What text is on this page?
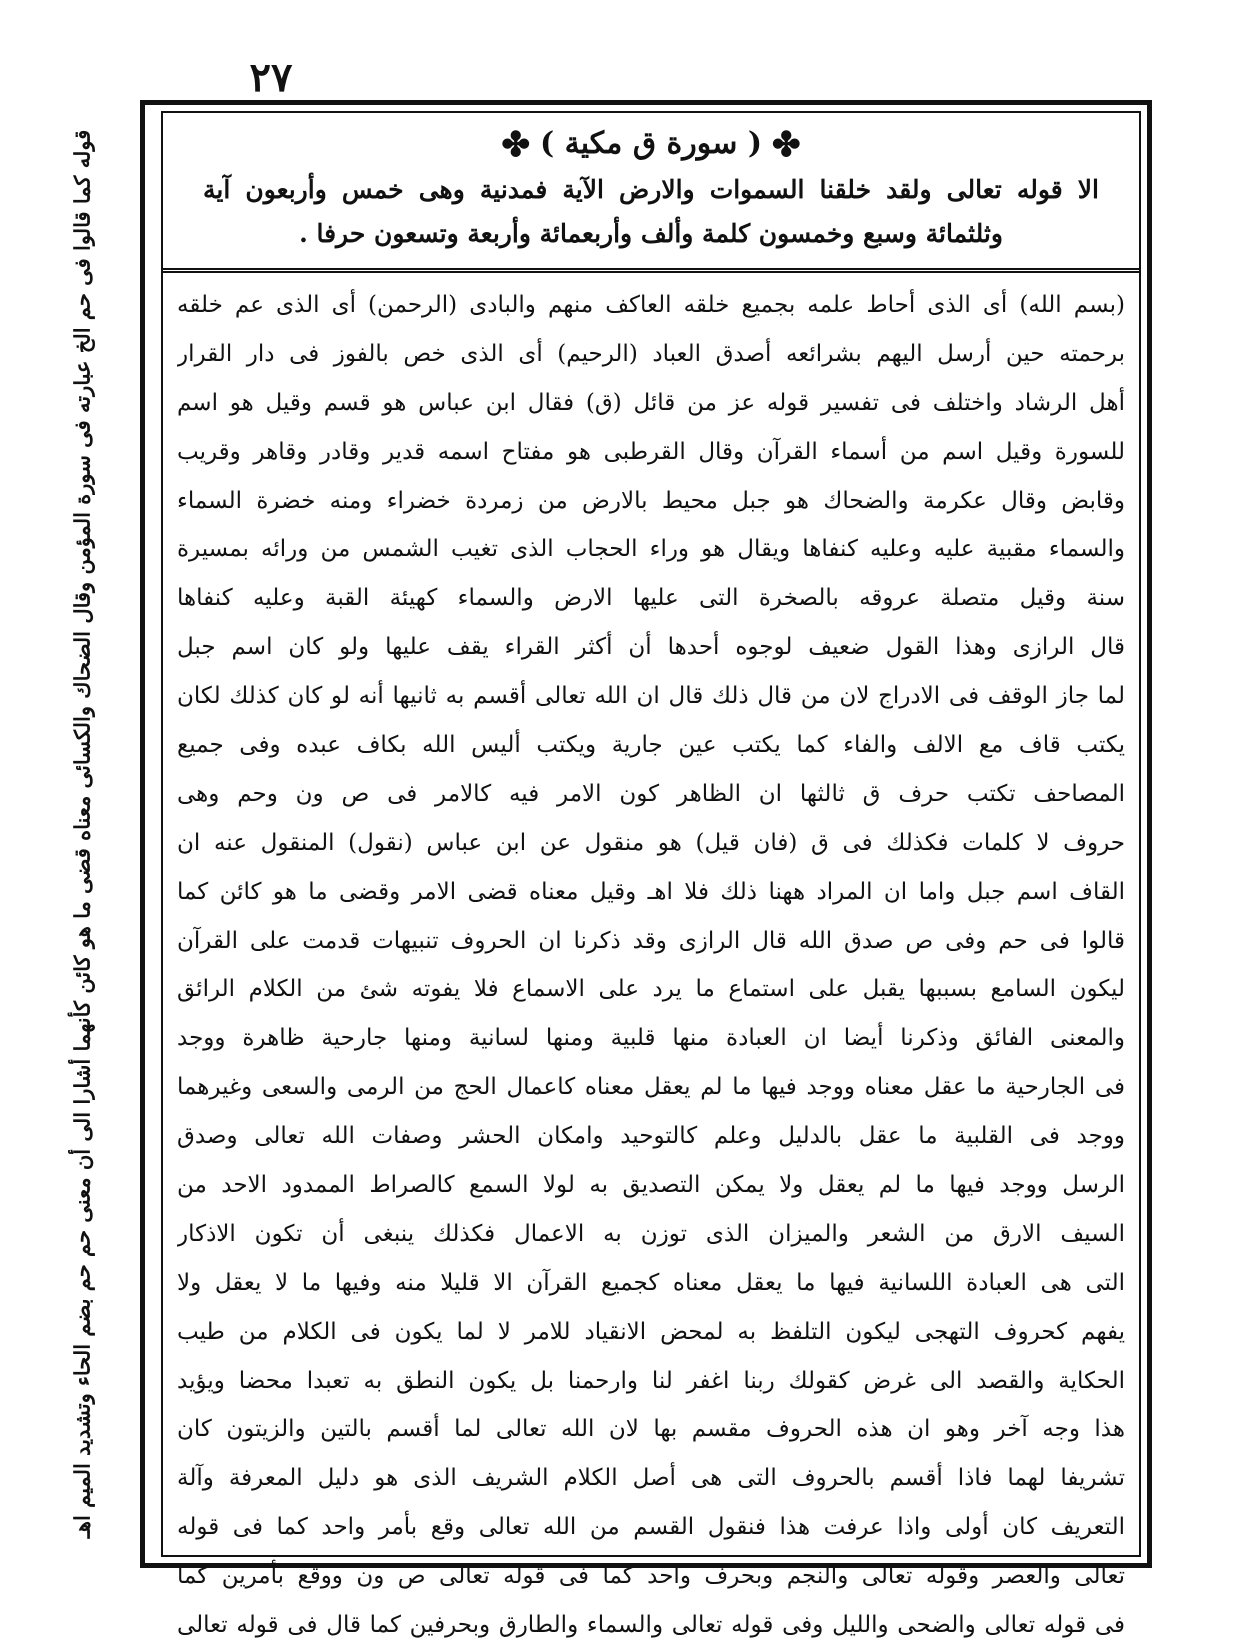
٢٧
قوله كما قالوا فى حم الخ عبارته فى سورة المؤمن وقال الضحاك والكسائى معناه قضى ما هو كائن كأنهما أشارا الى أن معنى حم حم بضم الحاء وتشديد الميم اهـ	✤( سورة ق مكية )✤
الا قوله تعالى ولقد خلقنا السموات والارض الآية فمدنية وهى خمس وأربعون آية
وثلثمائة وسبع وخمسون كلمة وألف وأربعمائة وأربعة وتسعون حرفا .
(بسم الله) أى الذى أحاط علمه بجميع خلقه العاكف منهم والبادى (الرحمن) أى الذى عم خلقه
برحمته حين أرسل اليهم بشرائعه أصدق العباد (الرحيم) أى الذى خص بالفوز فى دار القرار
أهل الرشاد واختلف فى تفسير قوله عز من قائل (ق) فقال ابن عباس هو قسم وقيل هو اسم
للسورة وقيل اسم من أسماء القرآن وقال القرطبى هو مفتاح اسمه قدير وقادر وقاهر وقريب
وقابض وقال عكرمة والضحاك هو جبل محيط بالارض من زمردة خضراء ومنه خضرة السماء
والسماء مقبية عليه وعليه كنفاها ويقال هو وراء الحجاب الذى تغيب الشمس من ورائه بمسيرة
سنة وقيل متصلة عروقه بالصخرة التى عليها الارض والسماء كهيئة القبة وعليه كنفاها
قال الرازى وهذا القول ضعيف لوجوه أحدها أن أكثر القراء يقف عليها ولو كان اسم جبل
لما جاز الوقف فى الادراج لان من قال ذلك قال ان الله تعالى أقسم به ثانيها أنه لو كان كذلك لكان
يكتب قاف مع الالف والفاء كما يكتب عين جارية ويكتب أليس الله بكاف عبده وفى جميع
المصاحف تكتب حرف ق ثالثها ان الظاهر كون الامر فيه كالامر فى ص ون وحم وهى
حروف لا كلمات فكذلك فى ق (فان قيل) هو منقول عن ابن عباس (نقول) المنقول عنه ان
القاف اسم جبل واما ان المراد ههنا ذلك فلا اهـ وقيل معناه قضى الامر وقضى ما هو كائن كما
قالوا فى حم وفى ص صدق الله قال الرازى وقد ذكرنا ان الحروف تنبيهات قدمت على القرآن
ليكون السامع بسببها يقبل على استماع ما يرد على الاسماع فلا يفوته شئ من الكلام الرائق
والمعنى الفائق وذكرنا أيضا ان العبادة منها قلبية ومنها لسانية ومنها جارحية ظاهرة ووجد
فى الجارحية ما عقل معناه ووجد فيها ما لم يعقل معناه كاعمال الحج من الرمى والسعى وغيرهما
ووجد فى القلبية ما عقل بالدليل وعلم كالتوحيد وامكان الحشر وصفات الله تعالى وصدق
الرسل ووجد فيها ما لم يعقل ولا يمكن التصديق به لولا السمع كالصراط الممدود الاحد من
السيف الارق من الشعر والميزان الذى توزن به الاعمال فكذلك ينبغى أن تكون الاذكار
التى هى العبادة اللسانية فيها ما يعقل معناه كجميع القرآن الا قليلا منه وفيها ما لا يعقل ولا
يفهم كحروف التهجى ليكون التلفظ به لمحض الانقياد للامر لا لما يكون فى الكلام من طيب
الحكاية والقصد الى غرض كقولك ربنا اغفر لنا وارحمنا بل يكون النطق به تعبدا محضا ويؤيد
هذا وجه آخر وهو ان هذه الحروف مقسم بها لان الله تعالى لما أقسم بالتين والزيتون كان
تشريفا لهما فاذا أقسم بالحروف التى هى أصل الكلام الشريف الذى هو دليل المعرفة وآلة
التعريف كان أولى واذا عرفت هذا فنقول القسم من الله تعالى وقع بأمر واحد كما فى قوله
تعالى والعصر وقوله تعالى والنجم وبحرف واحد كما فى قوله تعالى ص ون ووقع بأمرين كما
فى قوله تعالى والضحى والليل وفى قوله تعالى والسماء والطارق وبحرفين كما قال فى قوله تعالى
